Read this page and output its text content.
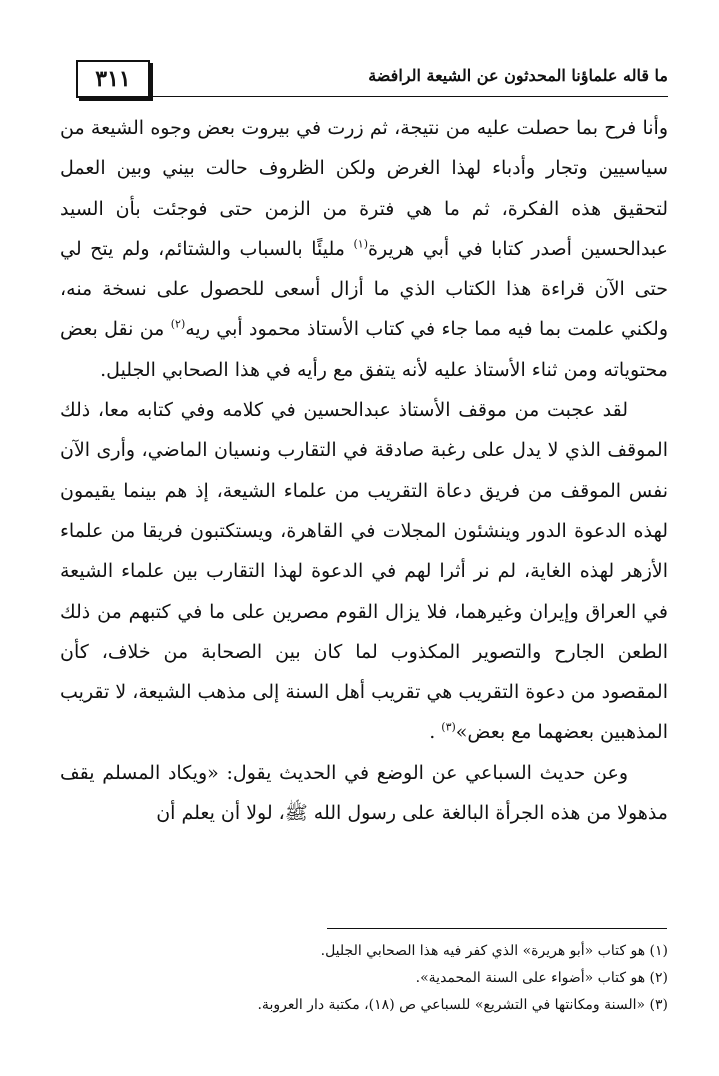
٣١١	ما قاله علماؤنا المحدثون عن الشيعة الرافضة

وأنا فرح بما حصلت عليه من نتيجة، ثم زرت في بيروت بعض وجوه الشيعة من سياسيين وتجار وأدباء لهذا الغرض ولكن الظروف حالت بيني وبين العمل لتحقيق هذه الفكرة، ثم ما هي فترة من الزمن حتى فوجئت بأن السيد عبدالحسين أصدر كتابا في أبي هريرة$^{(١)}$ مليئًا بالسباب والشتائم، ولم يتح لي حتى الآن قراءة هذا الكتاب الذي ما أزال أسعى للحصول على نسخة منه، ولكني علمت بما فيه مما جاء في كتاب الأستاذ محمود أبي ريه$^{(٢)}$ من نقل بعض محتوياته ومن ثناء الأستاذ عليه لأنه يتفق مع رأيه في هذا الصحابي الجليل.

لقد عجبت من موقف الأستاذ عبدالحسين في كلامه وفي كتابه معا، ذلك الموقف الذي لا يدل على رغبة صادقة في التقارب ونسيان الماضي، وأرى الآن نفس الموقف من فريق دعاة التقريب من علماء الشيعة، إذ هم بينما يقيمون لهذه الدعوة الدور وينشئون المجلات في القاهرة، ويستكتبون فريقا من علماء الأزهر لهذه الغاية، لم نر أثرا لهم في الدعوة لهذا التقارب بين علماء الشيعة في العراق وإيران وغيرهما، فلا يزال القوم مصرين على ما في كتبهم من ذلك الطعن الجارح والتصوير المكذوب لما كان بين الصحابة من خلاف، كأن المقصود من دعوة التقريب هي تقريب أهل السنة إلى مذهب الشيعة، لا تقريب المذهبين بعضهما مع بعض»$^{(٣)}$ .

وعن حديث السباعي عن الوضع في الحديث يقول: «ويكاد المسلم يقف مذهولا من هذه الجرأة البالغة على رسول الله ﷺ، لولا أن يعلم أن

(١) هو كتاب «أبو هريرة» الذي كفر فيه هذا الصحابي الجليل.
(٢) هو كتاب «أضواء على السنة المحمدية».
(٣) «السنة ومكانتها في التشريع» للسباعي ص (١٨)، مكتبة دار العروبة.
